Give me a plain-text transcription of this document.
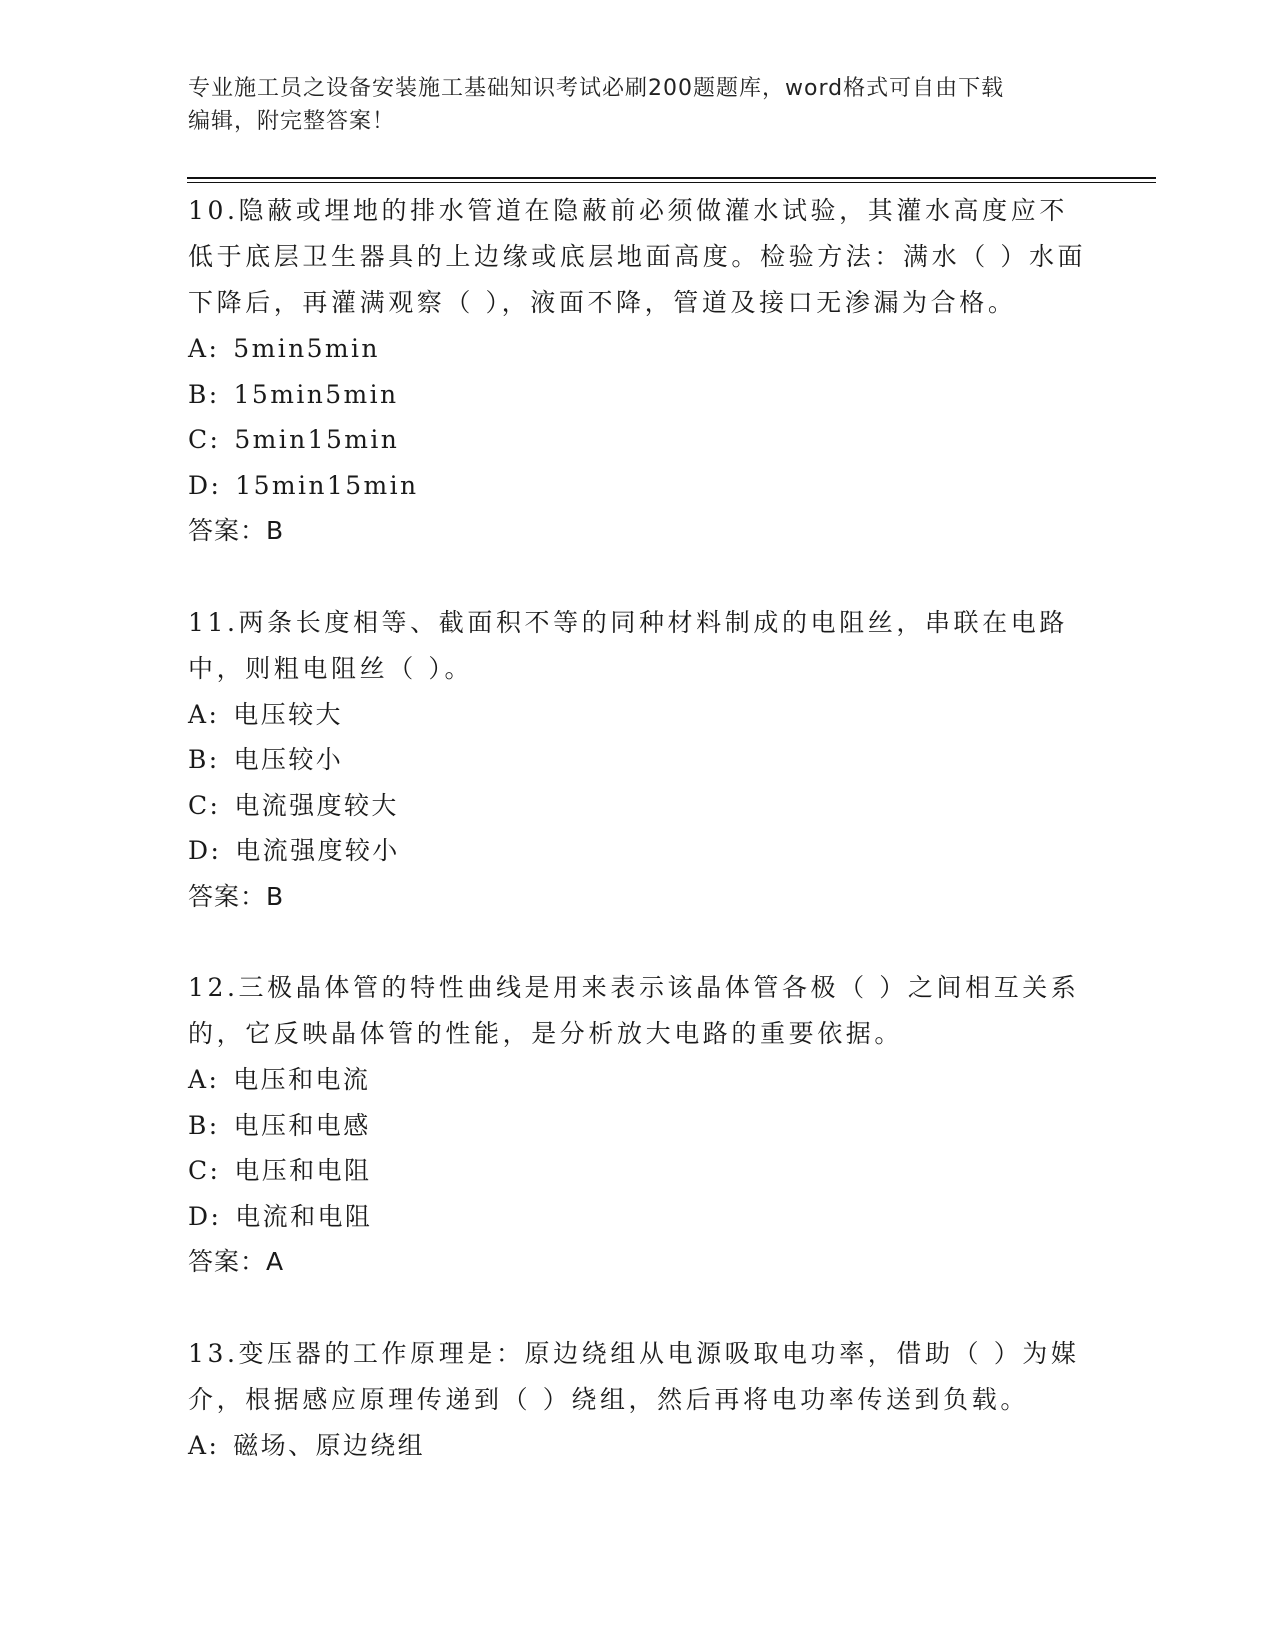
专业施工员之设备安装施工基础知识考试必刷200题题库，word格式可自由下载
编辑，附完整答案！

10.隐蔽或埋地的排水管道在隐蔽前必须做灌水试验，其灌水高度应不低于底层卫生器具的上边缘或底层地面高度。检验方法：满水（ ）水面下降后，再灌满观察（ ），液面不降，管道及接口无渗漏为合格。

A: 5min5min

B: 15min5min

C: 5min15min

D: 15min15min

答案：B

11.两条长度相等、截面积不等的同种材料制成的电阻丝，串联在电路中，则粗电阻丝（ ）。

A: 电压较大

B: 电压较小

C: 电流强度较大

D: 电流强度较小

答案：B

12.三极晶体管的特性曲线是用来表示该晶体管各极（ ）之间相互关系的，它反映晶体管的性能，是分析放大电路的重要依据。

A: 电压和电流

B: 电压和电感

C: 电压和电阻

D: 电流和电阻

答案：A

13.变压器的工作原理是：原边绕组从电源吸取电功率，借助（ ）为媒介，根据感应原理传递到（ ）绕组，然后再将电功率传送到负载。

A: 磁场、原边绕组
